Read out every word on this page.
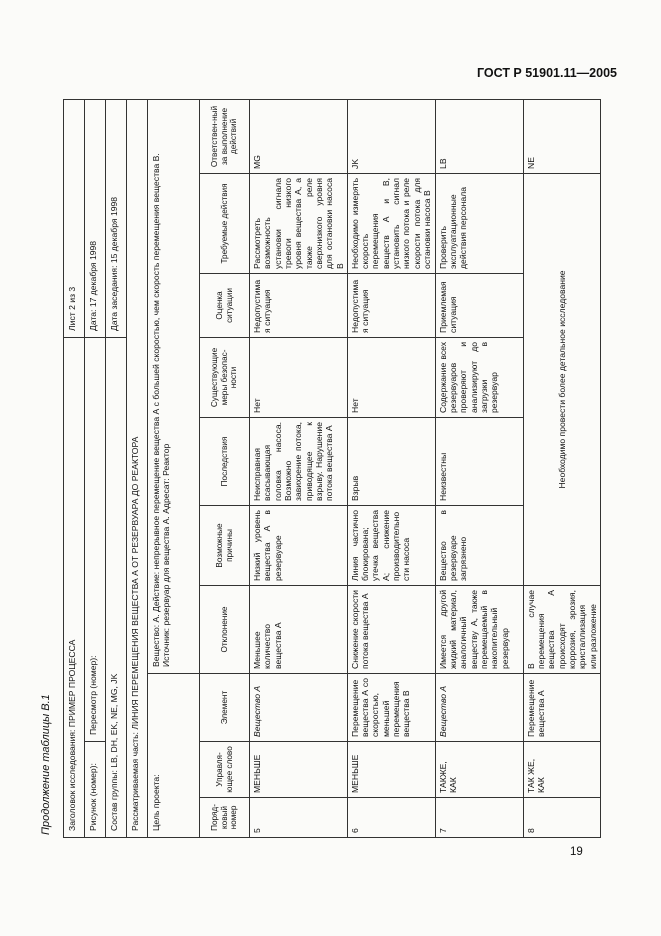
ГОСТ Р 51901.11—2005
Продолжение таблицы В.1
19
Заголовок исследования: ПРИМЕР ПРОЦЕССА							Лист 2 из 3		
Рисунок (номер):		Пересмотр (номер):					Дата: 17 декабря 1998		
Состав группы: LB, DH, EK, NE, MG, JK							Дата заседания: 15 декабря 1998		
Рассматриваемая часть: ЛИНИЯ ПЕРЕМЕЩЕНИЯ ВЕЩЕСТВА А ОТ РЕЗЕРВУАРА ДО РЕАКТОРА									
Цель проекта:			Вещество: А. Действие: непрерывное перемещение вещества А с большей скоростью, чем скорость перемещения вещества В. Источник: резервуар для вещества А. Адресат: Реактор						

Поряд-ковый номер	Управля-ющее слово	Элемент	Отклонение	Возможные причины	Последствия	Существующие меры безопас-ности	Оценка ситуации	Требуемые действия	Ответствен-ный за выполнение действий
5	МЕНЬШЕ	Вещество А	Меньшее количество вещества А	Низкий уровень вещества А в резервуаре	Неисправная всасывающая головка насоса. Возможно завихрение потока, приводящее к взрыву. Нарушение потока вещества А	Нет	Недопустимая ситуация	Рассмотреть возможность установки сигнала тревоги низкого уровня вещества А, а также реле сверхнизкого уровня для остановки насоса В	MG
6	МЕНЬШЕ	Перемещение вещества А со скоростью, меньшей перемещения вещества В	Снижение скорости потока вещества А	Линия частично блокирована; утечка вещества А; снижение производительности насоса	Взрыв	Нет	Недопустимая ситуация	Необходимо измерять скорость перемещения веществ А и В, установить сигнал низкого потока и реле скорости потока для остановки насоса В	JK
7	ТАКЖЕ, КАК	Вещество А	Имеется другой жидкий материал, аналогичный веществу А, также перемещаемый в накопительный резервуар	Вещество в резервуаре загрязнено	Неизвестны	Содержание всех резервуаров проверяют и анализируют до загрузки в резервуар	Приемлемая ситуация	Проверить эксплуатационные действия персонала	LB
8	ТАК ЖЕ, КАК	Перемещение вещества А	В случае перемещения вещества А происходят коррозия, эрозия, кристаллизация или разложение	Необходимо провести более детальное исследование					NE
